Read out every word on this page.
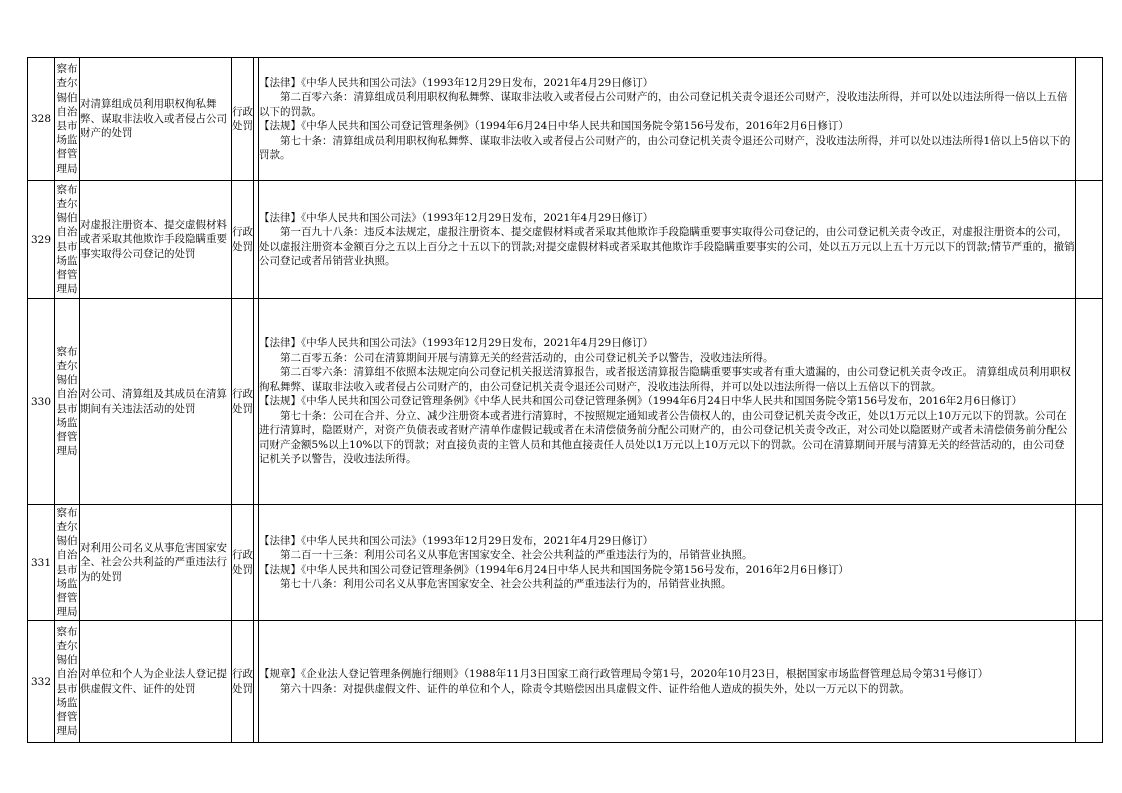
328	察布查尔锡伯自治县市场监督管理局	对清算组成员利用职权徇私舞弊、谋取非法收入或者侵占公司财产的处罚	行政处罚		【法律】《中华人民共和国公司法》（1993年12月29日发布，2021年4月29日修订）

第二百零六条：清算组成员利用职权徇私舞弊、谋取非法收入或者侵占公司财产的，由公司登记机关责令退还公司财产，没收违法所得，并可以处以违法所得一倍以上五倍以下的罚款。

【法规】《中华人民共和国公司登记管理条例》（1994年6月24日中华人民共和国国务院令第156号发布，2016年2月6日修订）

第七十条：清算组成员利用职权徇私舞弊、谋取非法收入或者侵占公司财产的，由公司登记机关责令退还公司财产，没收违法所得，并可以处以违法所得1倍以上5倍以下的罚款。	

329	察布查尔锡伯自治县市场监督管理局	对虚报注册资本、提交虚假材料或者采取其他欺诈手段隐瞒重要事实取得公司登记的处罚	行政处罚		【法律】《中华人民共和国公司法》（1993年12月29日发布，2021年4月29日修订）

第一百九十八条：违反本法规定，虚报注册资本、提交虚假材料或者采取其他欺诈手段隐瞒重要事实取得公司登记的，由公司登记机关责令改正，对虚报注册资本的公司，处以虚报注册资本金额百分之五以上百分之十五以下的罚款;对提交虚假材料或者采取其他欺诈手段隐瞒重要事实的公司，处以五万元以上五十万元以下的罚款;情节严重的，撤销公司登记或者吊销营业执照。	

330	察布查尔锡伯自治县市场监督管理局	对公司、清算组及其成员在清算期间有关违法活动的处罚	行政处罚		【法律】《中华人民共和国公司法》（1993年12月29日发布，2021年4月29日修订）

第二百零五条：公司在清算期间开展与清算无关的经营活动的，由公司登记机关予以警告，没收违法所得。

第二百零六条：清算组不依照本法规定向公司登记机关报送清算报告，或者报送清算报告隐瞒重要事实或者有重大遗漏的，由公司登记机关责令改正。 清算组成员利用职权徇私舞弊、谋取非法收入或者侵占公司财产的，由公司登记机关责令退还公司财产，没收违法所得，并可以处以违法所得一倍以上五倍以下的罚款。

【法规】《中华人民共和国公司登记管理条例》《中华人民共和国公司登记管理条例》（1994年6月24日中华人民共和国国务院令第156号发布，2016年2月6日修订）

第七十条：公司在合并、分立、减少注册资本或者进行清算时，不按照规定通知或者公告债权人的，由公司登记机关责令改正，处以1万元以上10万元以下的罚款。公司在进行清算时，隐匿财产，对资产负债表或者财产清单作虚假记载或者在未清偿债务前分配公司财产的，由公司登记机关责令改正，对公司处以隐匿财产或者未清偿债务前分配公司财产金额5%以上10%以下的罚款；对直接负责的主管人员和其他直接责任人员处以1万元以上10万元以下的罚款。公司在清算期间开展与清算无关的经营活动的，由公司登记机关予以警告，没收违法所得。	

331	察布查尔锡伯自治县市场监督管理局	对利用公司名义从事危害国家安全、社会公共利益的严重违法行为的处罚	行政处罚		【法律】《中华人民共和国公司法》（1993年12月29日发布，2021年4月29日修订）

第二百一十三条：利用公司名义从事危害国家安全、社会公共利益的严重违法行为的，吊销营业执照。

【法规】《中华人民共和国公司登记管理条例》（1994年6月24日中华人民共和国国务院令第156号发布，2016年2月6日修订）

第七十八条：利用公司名义从事危害国家安全、社会公共利益的严重违法行为的，吊销营业执照。	

332	察布查尔锡伯自治县市场监督管理局	对单位和个人为企业法人登记提供虚假文件、证件的处罚	行政处罚		【规章】《企业法人登记管理条例施行细则》（1988年11月3日国家工商行政管理局令第1号，2020年10月23日，根据国家市场监督管理总局令第31号修订）

第六十四条：对提供虚假文件、证件的单位和个人，除责令其赔偿因出具虚假文件、证件给他人造成的损失外，处以一万元以下的罚款。	
